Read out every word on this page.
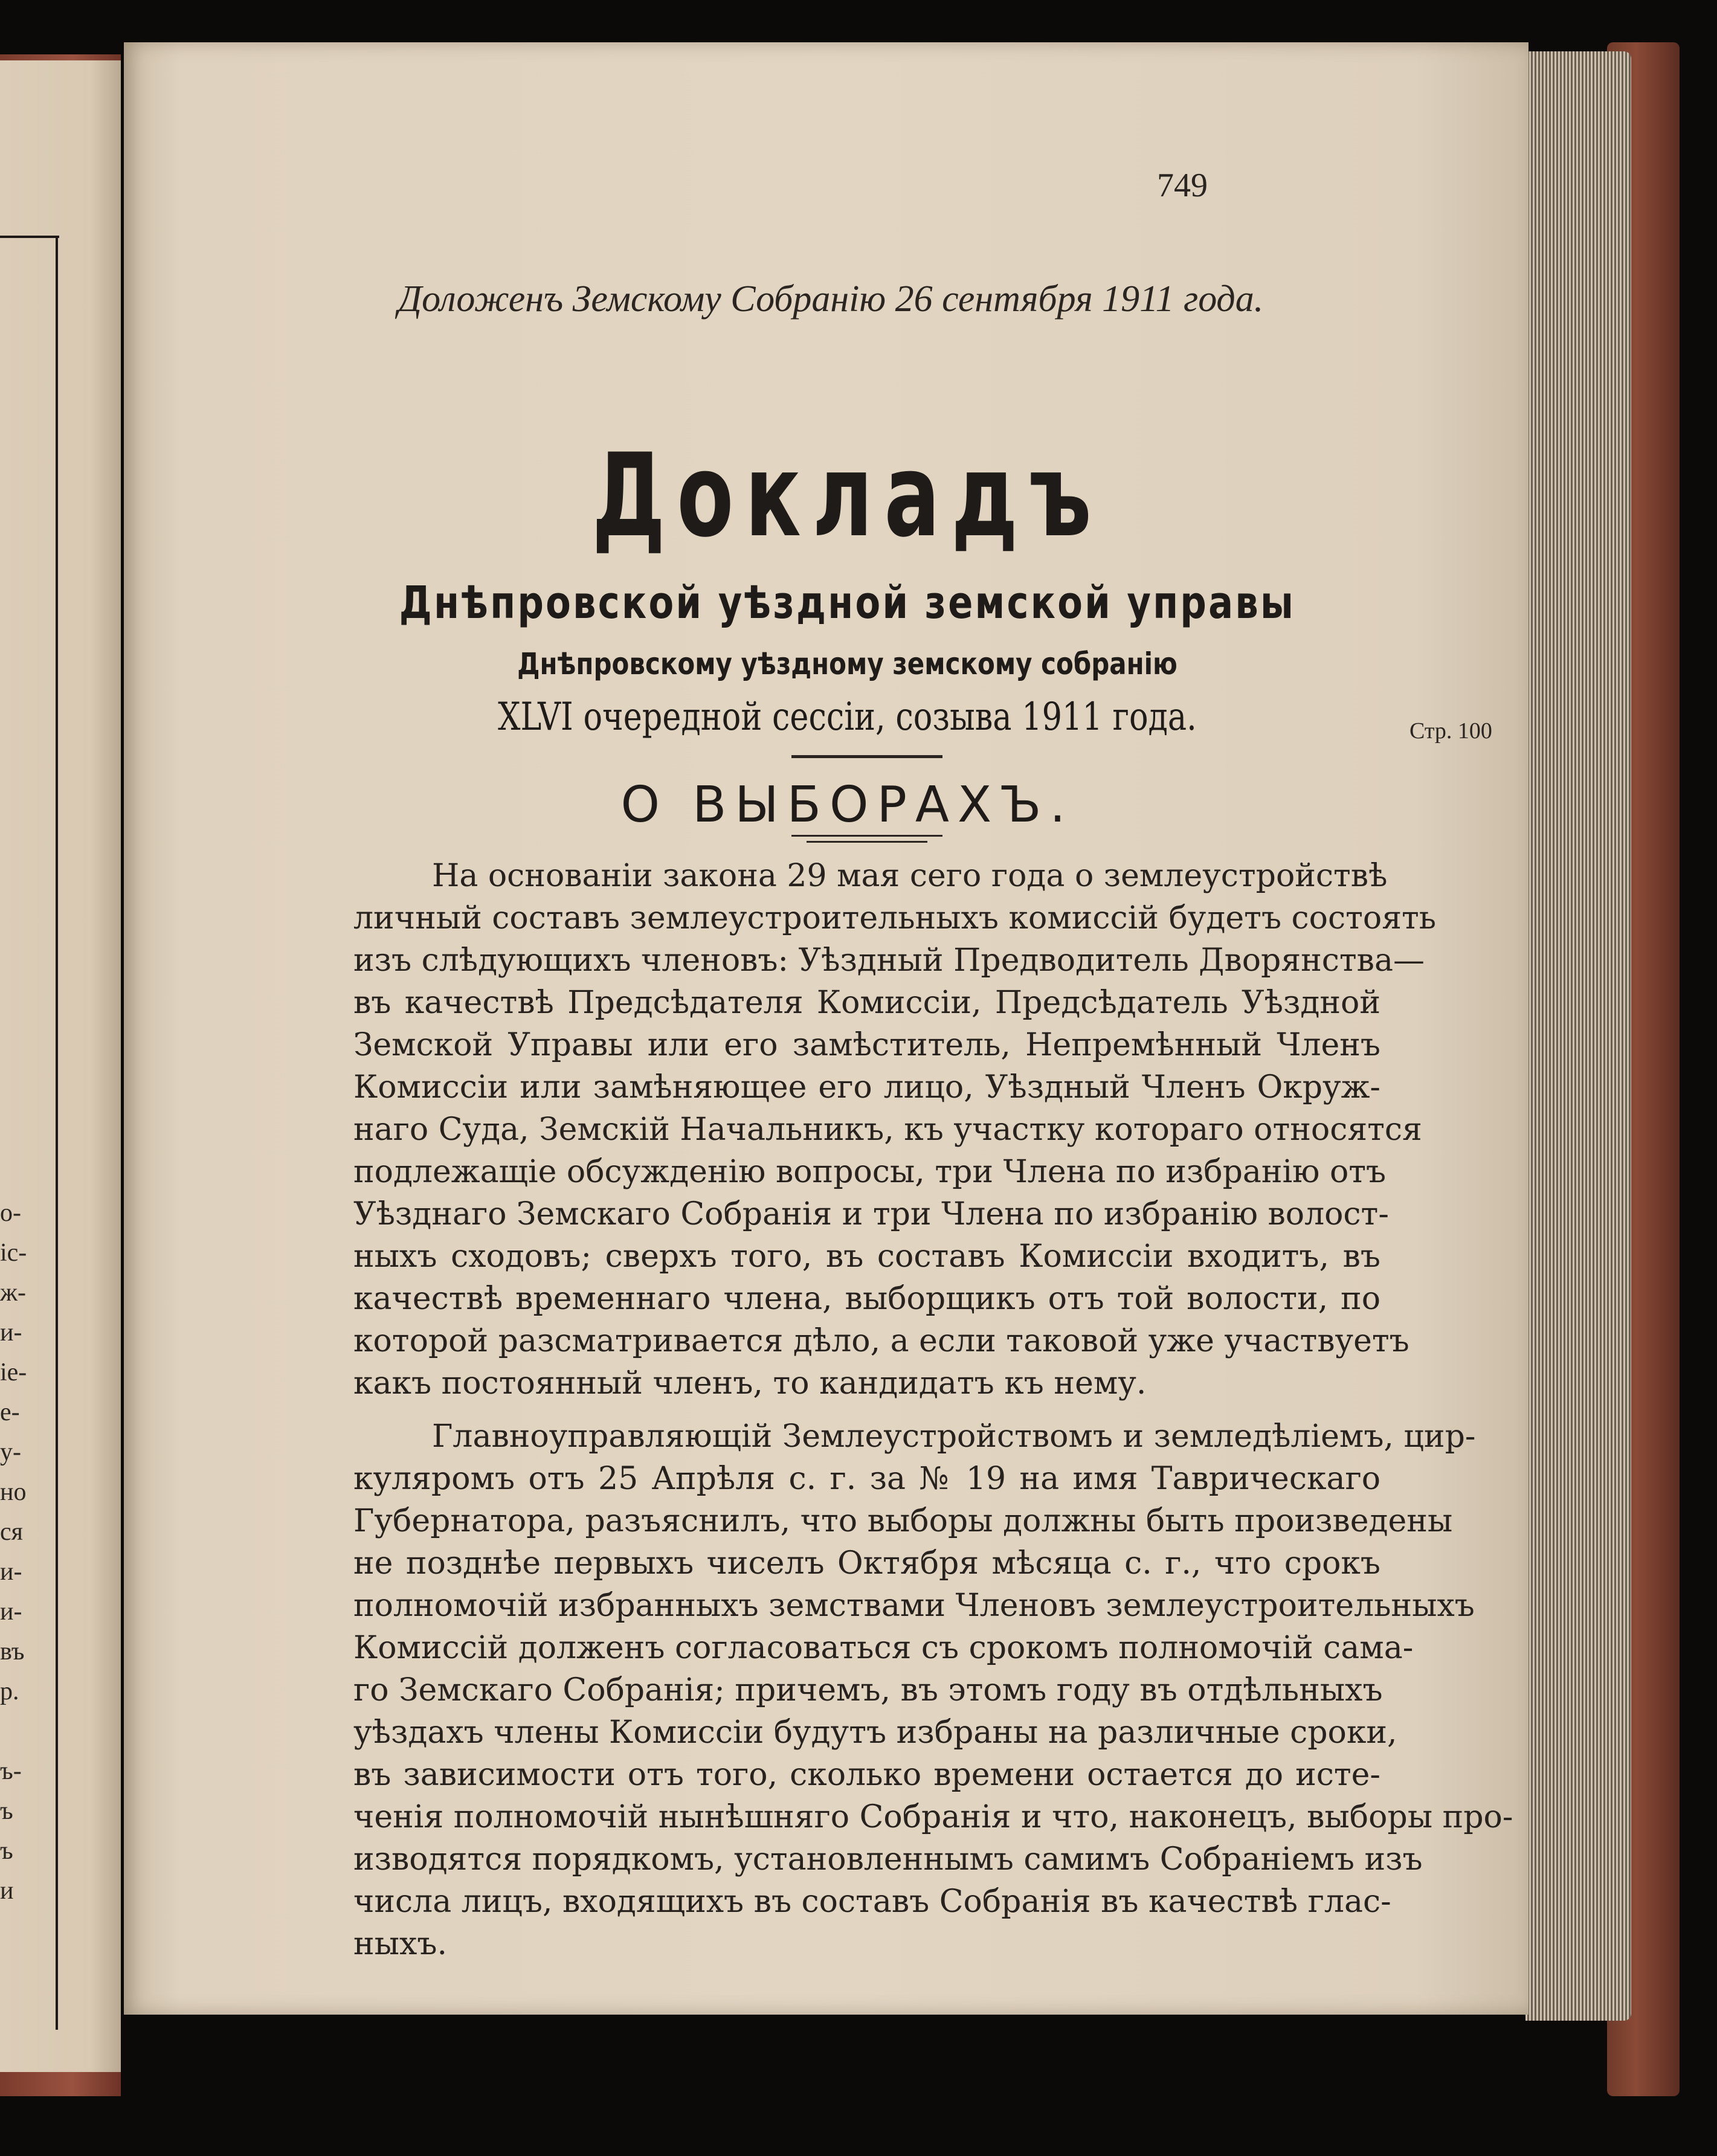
о-
іс-
ж-
и-
іе-
е-
у-
но
ся
и-
и-
въ
р.
ъ-
ъ
ъ
и
749
Доложенъ Земскому Собранiю 26 сентября 1911 года.
Докладъ
Днѣпровской уѣздной земской управы
Днѣпровскому уѣздному земскому собранiю
XLVI очередной сессiи, созыва 1911 года.
О ВЫБОРАХЪ.
Стр. 100
На основанiи закона 29 мая сего года о землеустройствѣ
личный составъ землеустроительныхъ комиссiй будетъ состоять
изъ слѣдующихъ членовъ: Уѣздный Предводитель Дворянства—
въ качествѣ Предсѣдателя Комиссiи, Предсѣдатель Уѣздной
Земской Управы или его замѣститель, Непремѣнный Членъ
Комиссiи или замѣняющее его лицо, Уѣздный Членъ Окруж-
наго Суда, Земскiй Начальникъ, къ участку котораго относятся
подлежащiе обсужденiю вопросы, три Члена по избранiю отъ
Уѣзднаго Земскаго Собранiя и три Члена по избранiю волост-
ныхъ сходовъ; сверхъ того, въ составъ Комиссiи входитъ, въ
качествѣ временнаго члена, выборщикъ отъ той волости, по
которой разсматривается дѣло, а если таковой уже участвуетъ
какъ постоянный членъ, то кандидатъ къ нему.
Главноуправляющiй Землеустройствомъ и земледѣлiемъ, цир-
куляромъ отъ 25 Апрѣля с. г. за № 19 на имя Таврическаго
Губернатора, разъяснилъ, что выборы должны быть произведены
не позднѣе первыхъ чиселъ Октября мѣсяца с. г., что срокъ
полномочiй избранныхъ земствами Членовъ землеустроительныхъ
Комиссiй долженъ согласоваться съ срокомъ полномочiй сама-
го Земскаго Собранiя; причемъ, въ этомъ году въ отдѣльныхъ
уѣздахъ члены Комиссiи будутъ избраны на различные сроки,
въ зависимости отъ того, сколько времени остается до истe-
ченiя полномочiй нынѣшняго Собранiя и что, наконецъ, выборы про-
изводятся порядкомъ, установленнымъ самимъ Собранiемъ изъ
числа лицъ, входящихъ въ составъ Собранiя въ качествѣ глас-
ныхъ.
